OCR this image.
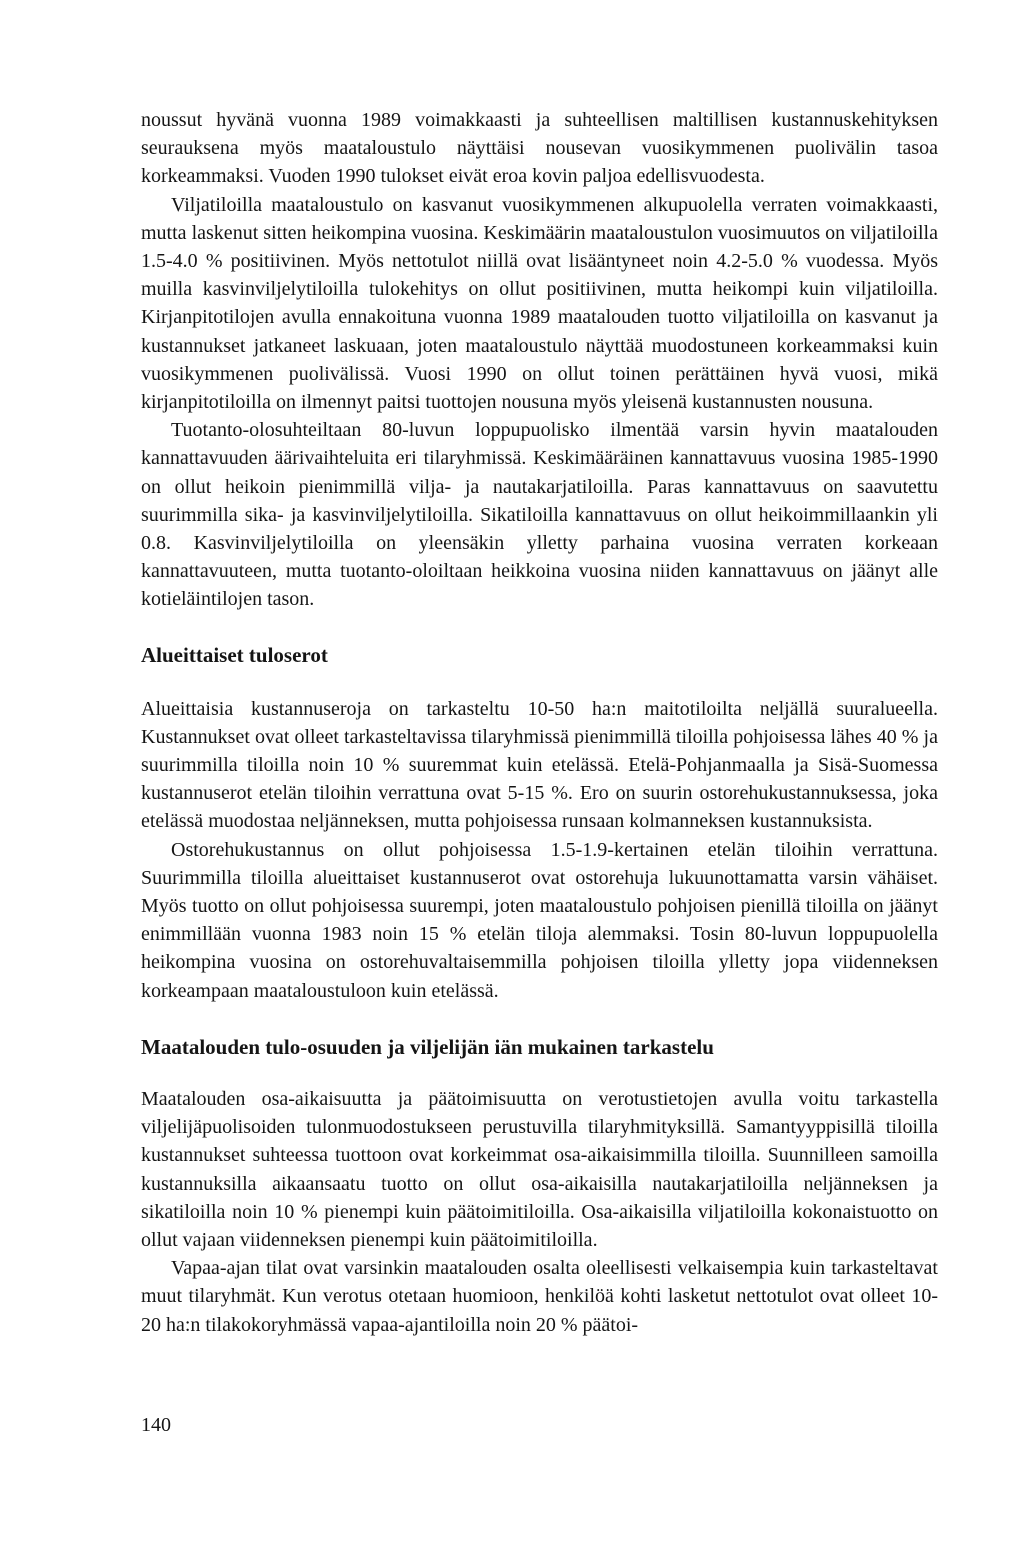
noussut hyvänä vuonna 1989 voimakkaasti ja suhteellisen maltillisen kustannuskehityksen seurauksena myös maataloustulo näyttäisi nousevan vuosikymmenen puolivälin tasoa korkeammaksi. Vuoden 1990 tulokset eivät eroa kovin paljoa edellisvuodesta.

Viljatiloilla maataloustulo on kasvanut vuosikymmenen alkupuolella verraten voimakkaasti, mutta laskenut sitten heikompina vuosina. Keskimäärin maataloustulon vuosimuutos on viljatiloilla 1.5-4.0 % positiivinen. Myös nettotulot niillä ovat lisääntyneet noin 4.2-5.0 % vuodessa. Myös muilla kasvinviljelytiloilla tulokehitys on ollut positiivinen, mutta heikompi kuin viljatiloilla. Kirjanpitotilojen avulla ennakoituna vuonna 1989 maatalouden tuotto viljatiloilla on kasvanut ja kustannukset jatkaneet laskuaan, joten maataloustulo näyttää muodostuneen korkeammaksi kuin vuosikymmenen puolivälissä. Vuosi 1990 on ollut toinen perättäinen hyvä vuosi, mikä kirjanpitotiloilla on ilmennyt paitsi tuottojen nousuna myös yleisenä kustannusten nousuna.

Tuotanto-olosuhteiltaan 80-luvun loppupuolisko ilmentää varsin hyvin maatalouden kannattavuuden äärivaihteluita eri tilaryhmissä. Keskimääräinen kannattavuus vuosina 1985-1990 on ollut heikoin pienimmillä vilja- ja nautakarjatiloilla. Paras kannattavuus on saavutettu suurimmilla sika- ja kasvinviljelytiloilla. Sikatiloilla kannattavuus on ollut heikoimmillaankin yli 0.8. Kasvinviljelytiloilla on yleensäkin ylletty parhaina vuosina verraten korkeaan kannattavuuteen, mutta tuotanto-oloiltaan heikkoina vuosina niiden kannattavuus on jäänyt alle kotieläintilojen tason.

Alueittaiset tuloserot

Alueittaisia kustannuseroja on tarkasteltu 10-50 ha:n maitotiloilta neljällä suuralueella. Kustannukset ovat olleet tarkasteltavissa tilaryhmissä pienimmillä tiloilla pohjoisessa lähes 40 % ja suurimmilla tiloilla noin 10 % suuremmat kuin etelässä. Etelä-Pohjanmaalla ja Sisä-Suomessa kustannuserot etelän tiloihin verrattuna ovat 5-15 %. Ero on suurin ostorehukustannuksessa, joka etelässä muodostaa neljänneksen, mutta pohjoisessa runsaan kolmanneksen kustannuksista.

Ostorehukustannus on ollut pohjoisessa 1.5-1.9-kertainen etelän tiloihin verrattuna. Suurimmilla tiloilla alueittaiset kustannuserot ovat ostorehuja lukuunottamatta varsin vähäiset. Myös tuotto on ollut pohjoisessa suurempi, joten maataloustulo pohjoisen pienillä tiloilla on jäänyt enimmillään vuonna 1983 noin 15 % etelän tiloja alemmaksi. Tosin 80-luvun loppupuolella heikompina vuosina on ostorehuvaltaisemmilla pohjoisen tiloilla ylletty jopa viidenneksen korkeampaan maataloustuloon kuin etelässä.

Maatalouden tulo-osuuden ja viljelijän iän mukainen tarkastelu

Maatalouden osa-aikaisuutta ja päätoimisuutta on verotustietojen avulla voitu tarkastella viljelijäpuolisoiden tulonmuodostukseen perustuvilla tilaryhmityksillä. Samantyyppisillä tiloilla kustannukset suhteessa tuottoon ovat korkeimmat osa-aikaisimmilla tiloilla. Suunnilleen samoilla kustannuksilla aikaansaatu tuotto on ollut osa-aikaisilla nautakarjatiloilla neljänneksen ja sikatiloilla noin 10 % pienempi kuin päätoimitiloilla. Osa-aikaisilla viljatiloilla kokonaistuotto on ollut vajaan viidenneksen pienempi kuin päätoimitiloilla.

Vapaa-ajan tilat ovat varsinkin maatalouden osalta oleellisesti velkaisempia kuin tarkasteltavat muut tilaryhmät. Kun verotus otetaan huomioon, henkilöä kohti lasketut nettotulot ovat olleet 10-20 ha:n tilakokoryhmässä vapaa-ajantiloilla noin 20 % päätoi-

140
